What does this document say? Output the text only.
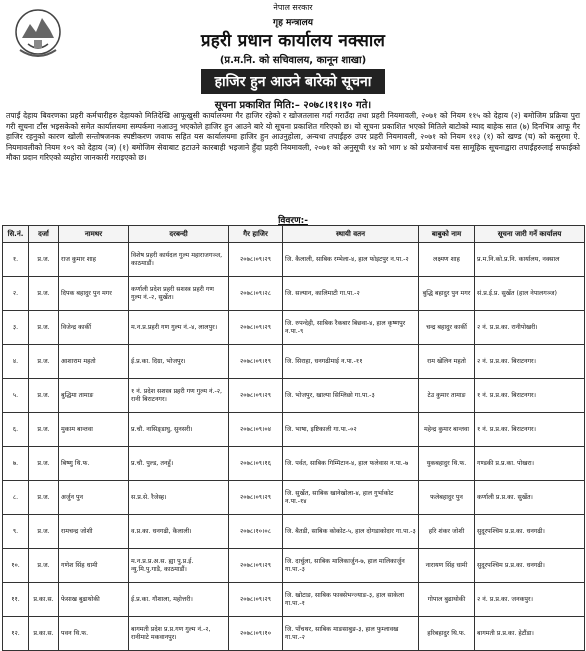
नेपाल सरकार
गृह मन्त्रालय
प्रहरी प्रधान कार्यालय नक्साल
(प्र.म.नि. को सचिवालय, कानून शाखा)
हाजिर हुन आउने बारेको सूचना
सूचना प्रकाशित मिति:– २०७८।११।१० गते।
तपाईं देहाय बिवरणका प्रहरी कर्मचारीहरु देहायको मितिदेखि आफूखुसी कार्यालयमा गैर हाजिर रहेको र खोजतलास गर्दा गराउँदा तथा प्रहरी नियमावली, २०७१ को नियम ११५ को देहाय (२) बमोजिम प्रक्रिया पुरा गरी सूचना टाँस भइसकेको समेत कार्यालयमा सम्पर्कमा नआउनु भएकोले हाजिर हुन आउने बारे यो सूचना प्रकाशित गरिएको छ। यो सूचना प्रकाशित भएको मितिले बाटोको म्याद बाहेक सात (७) दिनभित्र आफू गैर हाजिर रहनुको कारण खोली सन्तोषजनक स्पष्टीकरण जवाफ सहित यस कार्यालयमा हाजिर हुन आउनुहोला, अन्यथा तपाईंहरु उपर प्रहरी नियमावली, २०७१ को नियम ११३ (१) को खण्ड (च) को कसुरमा ऐ. नियमावलीको नियम १०९ को देहाय (ञ) (१) बमोजिम सेवाबाट हटाउने कारबाही भइजाने हुँदा प्रहरी नियमावली, २०७१ को अनुसूची १४ को भाग ४ को प्रयोजनार्थ यस सामूहिक सूचनाद्वारा तपाईंहरुलाई सफाईको मौका प्रदान गरिएको व्यहोरा जानकारी गराइएको छ।
विवरण:-
सि.नं.	दर्जा	नामथर	दरबन्दी	गैर हाजिर	स्थायी वतन	बाबुको नाम	सूचना जारी गर्ने कार्यालय
१.	प्र.ज.	राज कुमार शाह	विशेष प्रहरी कार्यदल गुल्म महाराजगञ्ज, काठमाडौं।	२०७८।०९।२९	जि. कैलाली, साबिक रम्भेला-४, हाल फोइटपुर न.पा.-२	लक्ष्मण शाह	प्र.म.नि.को.प्र.नि. कार्यालय, नक्साल
२.	प्र.ज.	दिपक बहादुर पुन मगर	कर्णाली प्रदेश प्रहरी सशस्त्र प्रहरी गण गुल्म नं.-२, सुर्खेत।	२०७८।०९।२८	जि. सल्यान, कालिमाटी गा.पा.-२	बुद्धि बहादुर पुन मगर	सं.प्र.ई.प्र. सुर्खेत (हाल नेपालगञ्ज)
३.	प्र.ज.	विजेन्द्र कार्की	म.न.प्र.प्रहरी गण गुल्म नं.-४, लालपुर।	२०७८।०९।२९	जि. रुपन्देही, साबिक रैकबार बिछवा-४, हाल कृष्णपुर न.पा.-९	चन्द्र बहादुर कार्की	२ नं. प्र.प्र.का. रानीपोखरी।
४.	प्र.ज.	आशाराम महतो	ई.प्र.का. दिग्रा, भोजपुर।	२०७८।०९।१९	जि. सिराहा, धनगढीमाई न.पा.-११	राम खेलिन महतो	२ नं. प्र.प्र.का. बिराटनगर।
५.	प्र.ज.	बुद्धिमा तामाङ	१ नं. प्रदेश सशस्त्र प्रहरी गण गुल्म नं.-२, रानी बिराटनगर।	२०७८।०९।२९	जि. भोजपुर, खाल्पा सिम्लिछो गा.पा.-३	टेउ कुमार तामाङ	१ नं. प्र.प्र.का. बिराटनगर।
६.	प्र.ज.	मुकाम बान्तवा	प्र.चौ. नासिङ्डाघु, सुनसरी।	२०७८।०९।०४	जि. भाषा, इष्टिकाली गा.पा.-०२	महेन्द्र कुमार बान्तवा	१ नं. प्र.प्र.का. बिराटनगर।
७.	प्र.ज.	बिष्णु थि.फ.	प्र.चौ. पुल्ड, तनहुँ।	२०७८।०९।१६	जि. पर्वत, साबिक गिम्मिटान-४, हाल फलेवास न.पा.-७	युकबहादुर थि.फ.	गण्डकी प्र.प्र.का. पोखरा।
८.	प्र.ज.	अर्जुन पुन	स.प्र.से. रैजेस्ह।	२०७८।०९।२९	जि. सुर्खेत, साबिक खानेखोला-४, हाल गुर्भाकोट न.पा.-१४	फलेबहादुर पुन	कर्णाली प्र.प्र.का. सुर्खेत।
९.	प्र.ज.	रामचन्द्र जोशी	व.प्र.का. धनगढी, कैलाली।	२०७८।१०।०८	जि. बैतडी, साबिक कोकोट-५, हाल दोगडाकोदार गा.पा.-३	हरि शंकर जोशी	सुदूरपश्चिम प्र.प्र.का. धनगढी।
१०.	प्र.ज.	गणेश सिंह धामी	म.न.प्र.प्र.अ.स. ह्या पु.प्र.ई. न्यु.मि.पु.गाडै, काठमाडौं।	२०७८।०९।२९	जि. दार्चुला, साबिक मालिकार्जुन-७, हाल मालिकार्जुन गा.पा.-३	नारायण सिंह धामी	सुदूरपश्चिम प्र.प्र.का. धनगढी।
११.	प्र.का.स.	फेसाख बुढाथोकी	ई.प्र.का. गौशाला, महोत्तरी।	२०७८।०९।२९	जि. खोटाङ, साबिक फाक्सेभन्ज्याङ-३, हाल साकेला गा.पा.-१	गोपाल बुढाथोकी	२ नं. प्र.प्र.का. जनकपुर।
१२.	प्र.का.स.	पवन थि.फ.	बागमती प्रदेश प्र.प्र.गण गुल्म नं.-२, रानीमाटे मकवानपुर।	२०७८।०९।१०	जि. पाँचथर, साबिक माङसाबुङ-३, हाल फुम्लावख गा.पा.-२	हरिबहादुर थि.फ.	बागमती प्र.प्र.का. हेटौंडा।
